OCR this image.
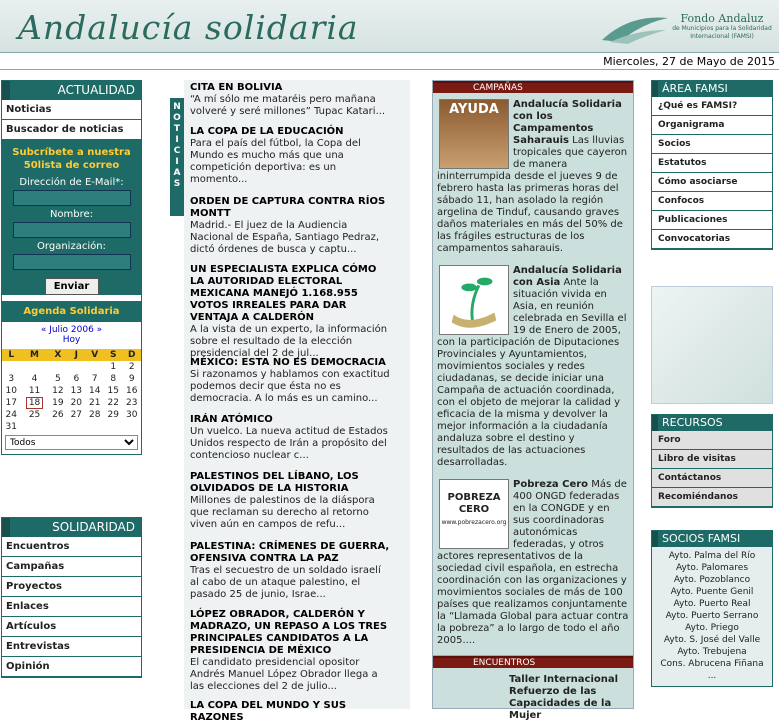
Andalucía solidaria	Fondo Andaluz
de Municipios para la Solidaridad Internacional (FAMSI)
Miercoles, 27 de Mayo de 2015
ACTUALIDAD
Noticias
Buscador de noticias
Subcríbete a nuestra 50lista de correo
Dirección de E-Mail*:
Nombre:
Organización:
Enviar
Agenda Solidaria
« Julio 2006 »
Hoy
L	M	X	J	V	S	D
					1	2
3	4	5	6	7	8	9
10	11	12	13	14	15	16
17	18	19	20	21	22	23
24	25	26	27	28	29	30
31						
Todos
SOLIDARIDAD
Encuentros
Campañas
Proyectos
Enlaces
Artículos
Entrevistas
Opinión
N
O
T
I
C
I
A
S
CITA EN BOLIVIA
“A mí sólo me mataréis pero mañana volveré y seré millones” Tupac Katari...
LA COPA DE LA EDUCACIÓN
Para el país del fútbol, la Copa del Mundo es mucho más que una competición deportiva: es un momento...
ORDEN DE CAPTURA CONTRA RÍOS MONTT
Madrid.- El juez de la Audiencia Nacional de España, Santiago Pedraz, dictó órdenes de busca y captu...
UN ESPECIALISTA EXPLICA CÓMO LA AUTORIDAD ELECTORAL MEXICANA MANEJÓ 1.168.955 VOTOS IRREALES PARA DAR VENTAJA A CALDERÓN
A la vista de un experto, la información sobre el resultado de la elección presidencial del 2 de jul...
MÉXICO: ESTA NO ES DEMOCRACIA
Si razonamos y hablamos con exactitud podemos decir que ésta no es democracia. A lo más es un camino...
IRÁN ATÓMICO
Un vuelco. La nueva actitud de Estados Unidos respecto de Irán a propósito del contencioso nuclear c...
PALESTINOS DEL LÍBANO, LOS OLVIDADOS DE LA HISTORIA
Millones de palestinos de la diáspora que reclaman su derecho al retorno viven aún en campos de refu...
PALESTINA: CRÍMENES DE GUERRA, OFENSIVA CONTRA LA PAZ
Tras el secuestro de un soldado israelí al cabo de un ataque palestino, el pasado 25 de junio, Israe...
LÓPEZ OBRADOR, CALDERÓN Y MADRAZO, UN REPASO A LOS TRES PRINCIPALES CANDIDATOS A LA PRESIDENCIA DE MÉXICO
El candidato presidencial opositor Andrés Manuel López Obrador llega a las elecciones del 2 de julio...
LA COPA DEL MUNDO Y SUS RAZONES
CAMPAÑAS
AYUDA	Andalucía Solidaria con los Campamentos Saharauis Las lluvias tropicales que cayeron de manera ininterrumpida desde el jueves 9 de febrero hasta las primeras horas del sábado 11, han asolado la región argelina de Tinduf, causando graves daños materiales en más del 50% de las frágiles estructuras de los campamentos saharauis.
Andalucía Solidaria con Asia Ante la situación vivida en Asia, en reunión celebrada en Sevilla el 19 de Enero de 2005, con la participación de Diputaciones Provinciales y Ayuntamientos, movimientos sociales y redes ciudadanas, se decide iniciar una Campaña de actuación coordinada, con el objeto de mejorar la calidad y eficacia de la misma y devolver la mejor información a la ciudadanía andaluza sobre el destino y resultados de las actuaciones desarrolladas.
POBREZA CERO
www.pobrezacero.org
Pobreza Cero Más de 400 ONGD federadas en la CONGDE y en sus coordinadoras autonómicas federadas, y otros actores representativos de la sociedad civil española, en estrecha coordinación con las organizaciones y movimientos sociales de más de 100 países que realizamos conjuntamente la “Llamada Global para actuar contra la pobreza” a lo largo de todo el año 2005....
ENCUENTROS
Taller Internacional Refuerzo de las Capacidades de la Mujer
ÁREA FAMSI
¿Qué es FAMSI?
Organigrama
Socios
Estatutos
Cómo asociarse
Confocos
Publicaciones
Convocatorias
RECURSOS
Foro
Libro de visitas
Contáctanos
Recomiéndanos
SOCIOS FAMSI
Ayto. Palma del Río
Ayto. Palomares
Ayto. Pozoblanco
Ayto. Puente Genil
Ayto. Puerto Real
Ayto. Puerto Serrano
Ayto. Priego
Ayto. S. José del Valle
Ayto. Trebujena
Cons. Abrucena Fiñana
...
